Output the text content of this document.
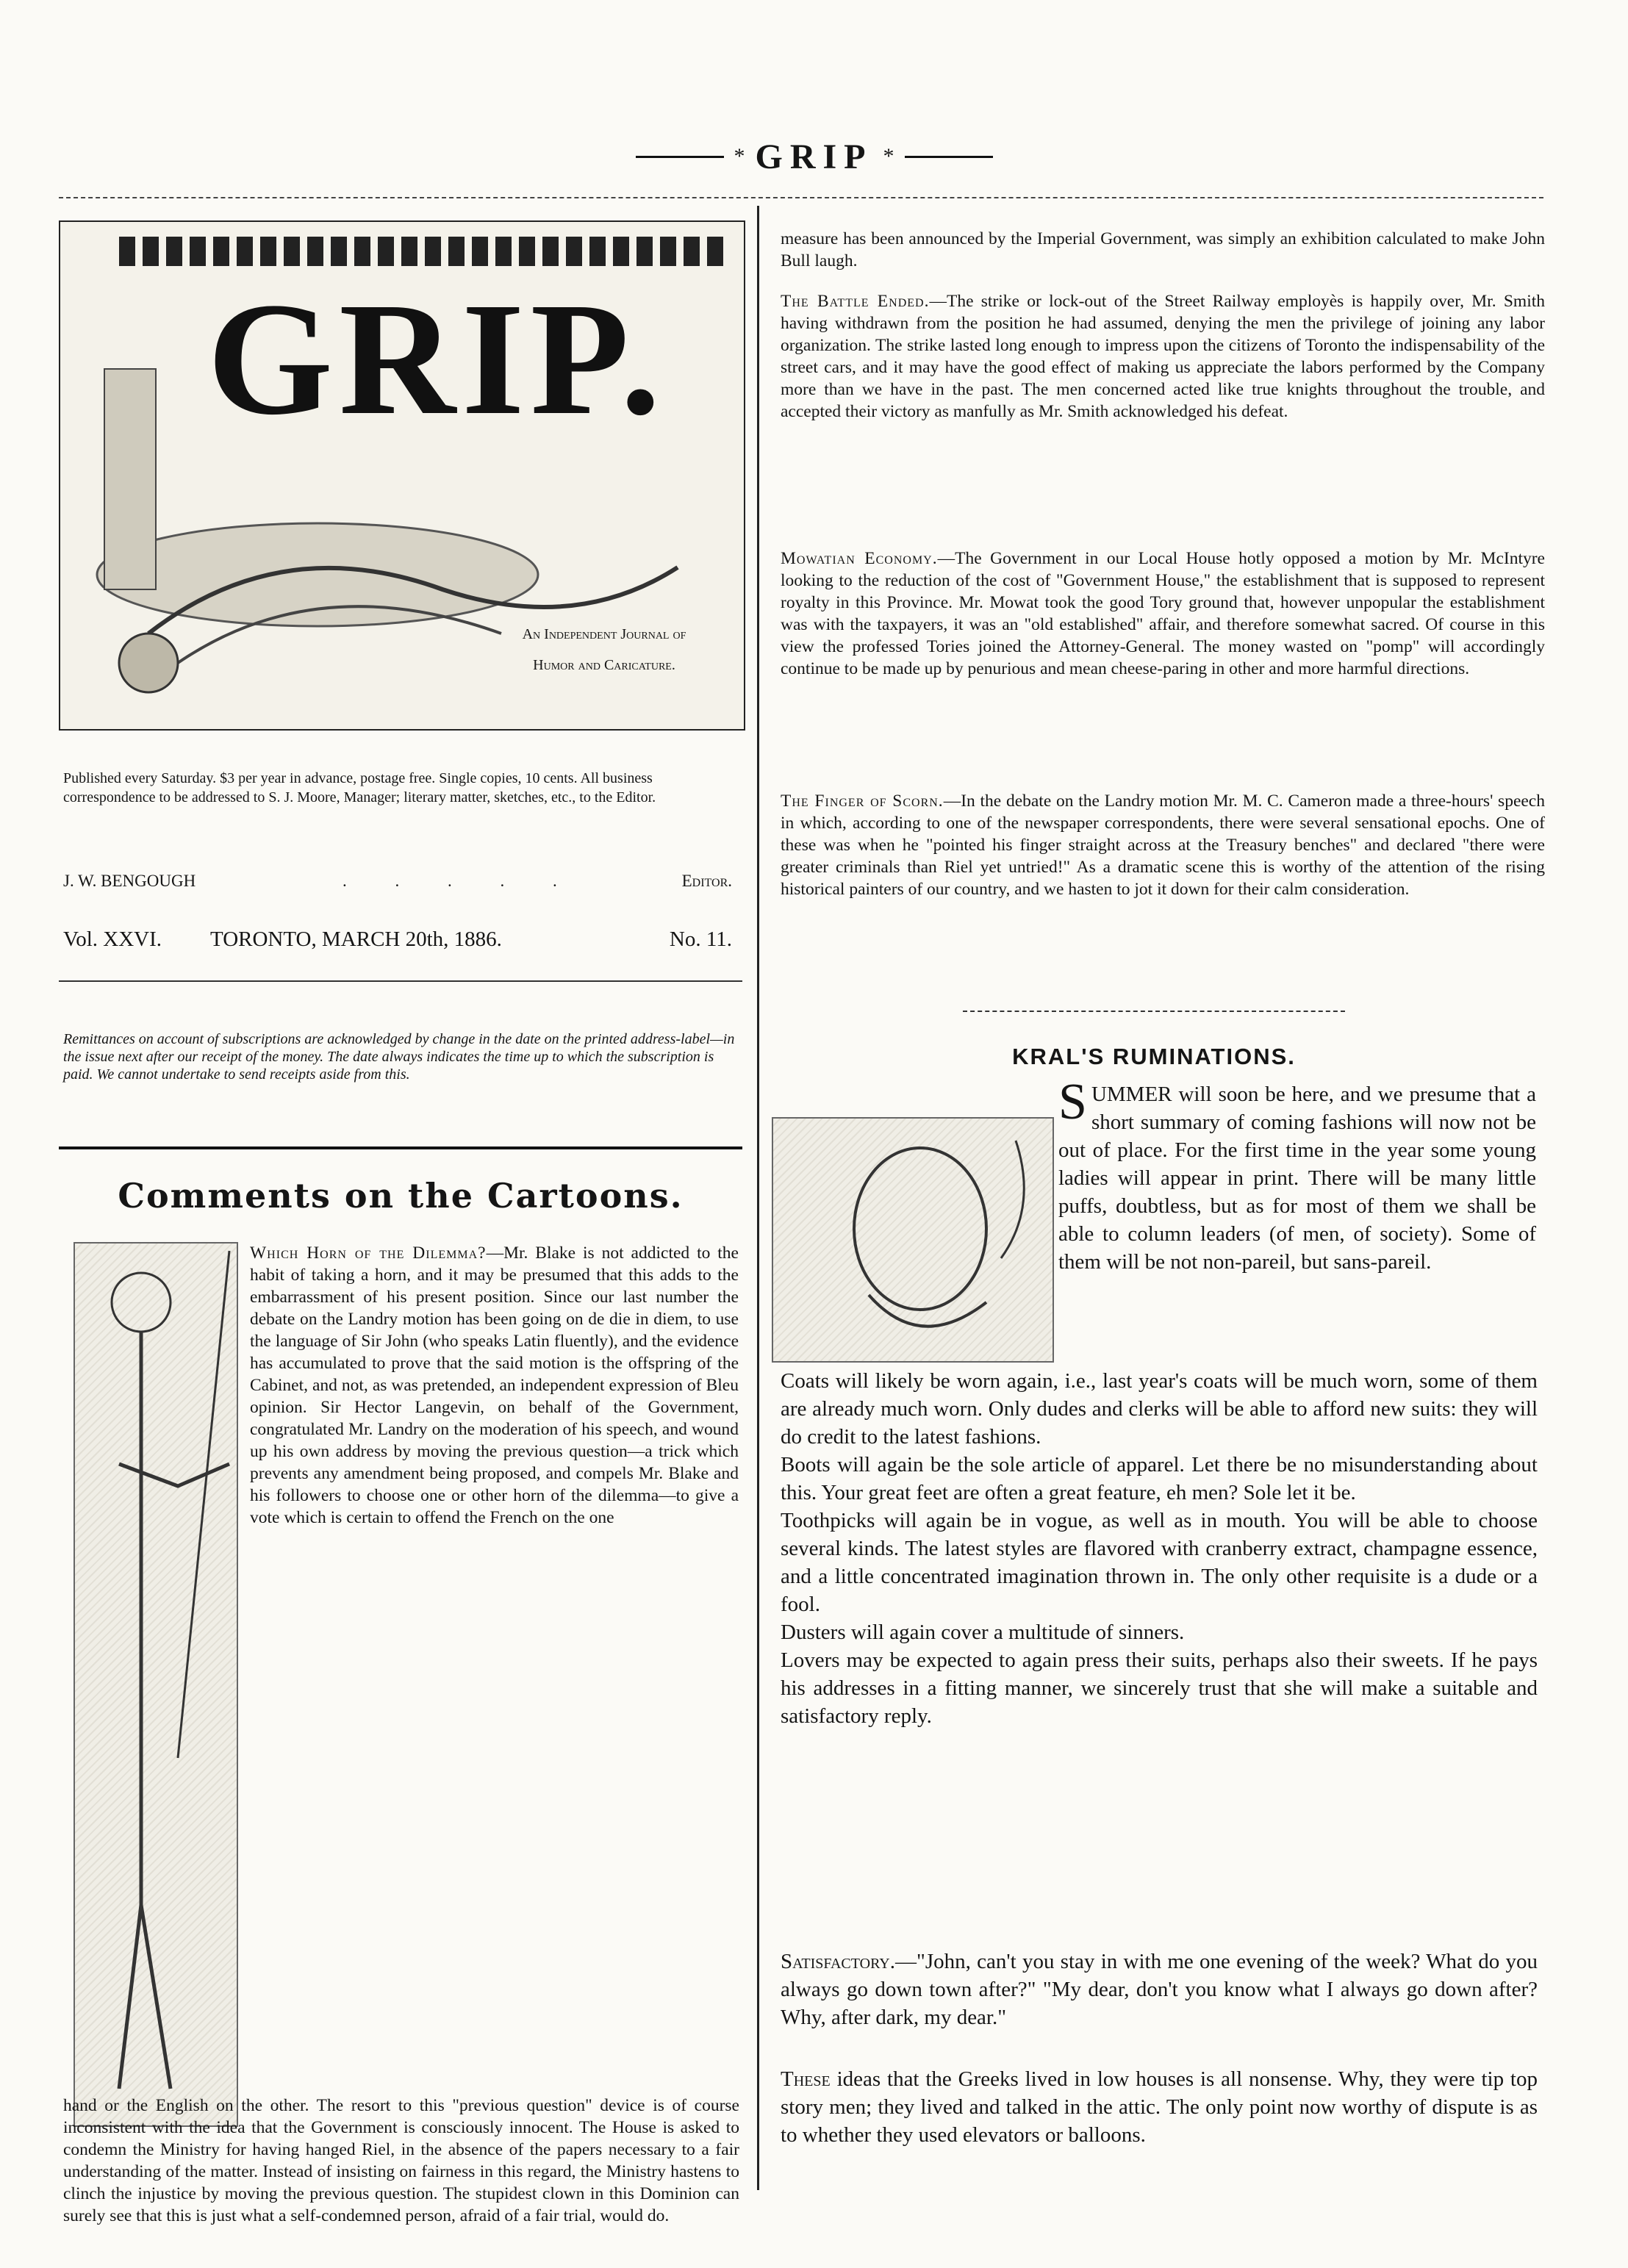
* GRIP *
GRIP.
An Independent Journal of
Humor and Caricature.
Published every Saturday. $3 per year in advance, postage free. Single copies, 10 cents. All business correspondence to be addressed to S. J. Moore, Manager; literary matter, sketches, etc., to the Editor.
J. W. BENGOUGH	. . . . .	Editor.
Vol. XXVI. TORONTO, MARCH 20th, 1886.	No. 11.
Remittances on account of subscriptions are acknowledged by change in the date on the printed address-label—in the issue next after our receipt of the money. The date always indicates the time up to which the subscription is paid. We cannot undertake to send receipts aside from this.
Comments on the Cartoons.
Which Horn of the Dilemma?—Mr. Blake is not addicted to the habit of taking a horn, and it may be presumed that this adds to the embarrassment of his present position. Since our last number the debate on the Landry motion has been going on de die in diem, to use the language of Sir John (who speaks Latin fluently), and the evidence has accumulated to prove that the said motion is the offspring of the Cabinet, and not, as was pretended, an independent expression of Bleu opinion. Sir Hector Langevin, on behalf of the Government, congratulated Mr. Landry on the moderation of his speech, and wound up his own address by moving the previous question—a trick which prevents any amendment being proposed, and compels Mr. Blake and his followers to choose one or other horn of the dilemma—to give a vote which is certain to offend the French on the one
hand or the English on the other. The resort to this "previous question" device is of course inconsistent with the idea that the Government is consciously innocent. The House is asked to condemn the Ministry for having hanged Riel, in the absence of the papers necessary to a fair understanding of the matter. Instead of insisting on fairness in this regard, the Ministry hastens to clinch the injustice by moving the previous question. The stupidest clown in this Dominion can surely see that this is just what a self-condemned person, afraid of a fair trial, would do.
measure has been announced by the Imperial Government, was simply an exhibition calculated to make John Bull laugh.
The Battle Ended.—The strike or lock-out of the Street Railway employès is happily over, Mr. Smith having withdrawn from the position he had assumed, denying the men the privilege of joining any labor organization. The strike lasted long enough to impress upon the citizens of Toronto the indispensability of the street cars, and it may have the good effect of making us appreciate the labors performed by the Company more than we have in the past. The men concerned acted like true knights throughout the trouble, and accepted their victory as manfully as Mr. Smith acknowledged his defeat.
Mowatian Economy.—The Government in our Local House hotly opposed a motion by Mr. McIntyre looking to the reduction of the cost of "Government House," the establishment that is supposed to represent royalty in this Province. Mr. Mowat took the good Tory ground that, however unpopular the establishment was with the taxpayers, it was an "old established" affair, and therefore somewhat sacred. Of course in this view the professed Tories joined the Attorney-General. The money wasted on "pomp" will accordingly continue to be made up by penurious and mean cheese-paring in other and more harmful directions.
The Finger of Scorn.—In the debate on the Landry motion Mr. M. C. Cameron made a three-hours' speech in which, according to one of the newspaper correspondents, there were several sensational epochs. One of these was when he "pointed his finger straight across at the Treasury benches" and declared "there were greater criminals than Riel yet untried!" As a dramatic scene this is worthy of the attention of the rising historical painters of our country, and we hasten to jot it down for their calm consideration.
KRAL'S RUMINATIONS.
SUMMER will soon be here, and we presume that a short summary of coming fashions will now not be out of place. For the first time in the year some young ladies will appear in print. There will be many little puffs, doubtless, but as for most of them we shall be able to column leaders (of men, of society). Some of them will be not non-pareil, but sans-pareil.
Coats will likely be worn again, i.e., last year's coats will be much worn, some of them are already much worn. Only dudes and clerks will be able to afford new suits: they will do credit to the latest fashions.
Boots will again be the sole article of apparel. Let there be no misunderstanding about this. Your great feet are often a great feature, eh men? Sole let it be.
Toothpicks will again be in vogue, as well as in mouth. You will be able to choose several kinds. The latest styles are flavored with cranberry extract, champagne essence, and a little concentrated imagination thrown in. The only other requisite is a dude or a fool.
Dusters will again cover a multitude of sinners.
Lovers may be expected to again press their suits, perhaps also their sweets. If he pays his addresses in a fitting manner, we sincerely trust that she will make a suitable and satisfactory reply.
Satisfactory.—"John, can't you stay in with me one evening of the week? What do you always go down town after?" "My dear, don't you know what I always go down after? Why, after dark, my dear."
These ideas that the Greeks lived in low houses is all nonsense. Why, they were tip top story men; they lived and talked in the attic. The only point now worthy of dispute is as to whether they used elevators or balloons.
